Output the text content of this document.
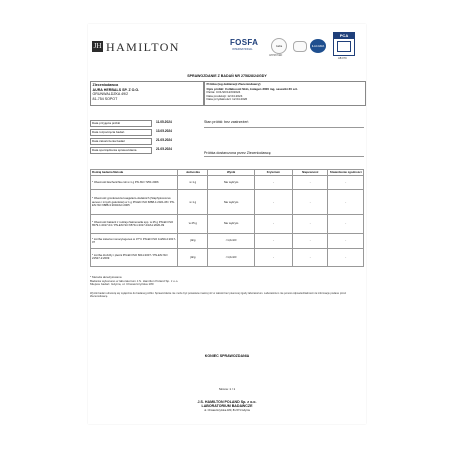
JH HAMILTON	FOSFA
INTERNATIONAL
Gafta
APPROVED
ILAC-MRA
PCA
AB 079
SPRAWOZDANIE Z BADAŃ NR 275828/24/GDY
Zleceniodawca
AURA HERBALS SP. Z O.O.
GRUNWALDZKA 49/2
81-754 SOPOT
Próbka (wg deklaracji Zleceniodawcy)
Opis próbki: Collaboosti Skin, kolagen 3000 mg, saszetki 30 szt.
Partia: COLSK/12/0/2024
Data produkcji: 12.04.2024
Data przydatności: 12.04.2026
Data przyjęcia próbki	11.05.2024
Data rozpoczęcia badań	13.05.2024
Data zakończenia badań	21.05.2024
Data sporządzenia sprawozdania	21.05.2024
Stan próbki: bez zastrzeżeń
Próbka dostarczona przez Zleceniodawcę
Rodzaj badania Metoda	Jednostka	Wynik	Kryterium	Niepewność	Stwierdzenie zgodności
* Obecność Escherichia coli w 1 g PN-ISO 7251:2006	w 1 g	Nie wykryto	-	-	-
* Obecność gronkowców koagulazo-dodatnich (Staphylococcus aureus i innych gatunków) w 1 g PN-EN ISO 6888-1:2021-08 / PN-EN ISO 6888-3:2004/AC:2005	w 1 g	Nie wykryto	-	-	-
* Obecność bakterii z rodzaju Salmonella spp. w 25 g PN-EN ISO 6579-1:2017-04 / PN-EN ISO 6579-1:2017-04/A1:2020-09	w 25 g	Nie wykryto	-	-	-
* Liczba Listeria monocytogenes w 37°C PN-EN ISO 11290-2:2017-07	jtk/g	<1,0x10¹	-	-	-
* Liczba drożdży i pleśni PN-EN ISO 6611:2007 / PN-EN ISO 21527-2:2009	jtk/g	<1,0x10¹	-	-	-
* Metoda akredytowana
Badania wykonano w laboratorium J.S. Hamilton Poland Sp. z o.o.
Miejsce badań: Gdynia, ul. Chwaszczyńska 180
Wyniki badań odnoszą się wyłącznie do badanej próbki. Sprawozdanie nie może być powielane inaczej niż w całości bez pisemnej zgody laboratorium. Laboratorium nie ponosi odpowiedzialności za informacje podane przez Zleceniodawcę.
KONIEC SPRAWOZDANIA
Strona: 1 / 1
J.S. HAMILTON POLAND Sp. z o.o.
LABORATORIUM BADAWCZE
ul. Chwaszczyńska 180, 81-571 Gdynia
